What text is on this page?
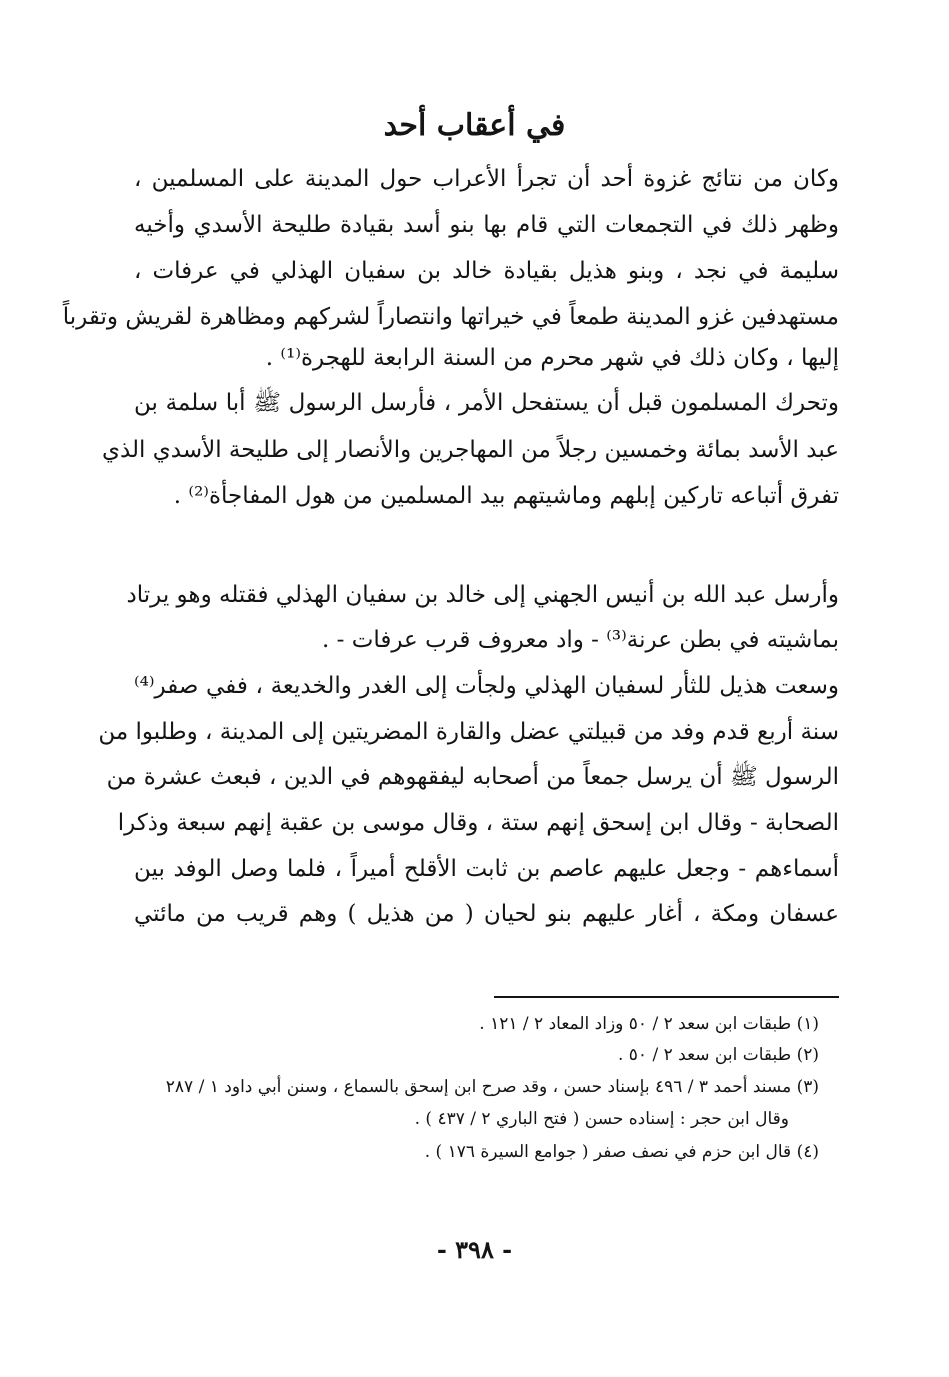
في أعقاب أحد

وكان من نتائج غزوة أحد أن تجرأ الأعراب حول المدينة على المسلمين ،

وظهر ذلك في التجمعات التي قام بها بنو أسد بقيادة طليحة الأسدي وأخيه

سليمة في نجد ، وبنو هذيل بقيادة خالد بن سفيان الهذلي في عرفات ،

مستهدفين غزو المدينة طمعاً في خيراتها وانتصاراً لشركهم ومظاهرة لقريش وتقرباً

إليها ، وكان ذلك في شهر محرم من السنة الرابعة للهجرة⁽¹⁾ .

وتحرك المسلمون قبل أن يستفحل الأمر ، فأرسل الرسول ﷺ أبا سلمة بن

عبد الأسد بمائة وخمسين رجلاً من المهاجرين والأنصار إلى طليحة الأسدي الذي

تفرق أتباعه تاركين إبلهم وماشيتهم بيد المسلمين من هول المفاجأة⁽²⁾ .

وأرسل عبد الله بن أنيس الجهني إلى خالد بن سفيان الهذلي فقتله وهو يرتاد

بماشيته في بطن عرنة⁽³⁾ - واد معروف قرب عرفات - .

وسعت هذيل للثأر لسفيان الهذلي ولجأت إلى الغدر والخديعة ، ففي صفر⁽⁴⁾

سنة أربع قدم وفد من قبيلتي عضل والقارة المضريتين إلى المدينة ، وطلبوا من

الرسول ﷺ أن يرسل جمعاً من أصحابه ليفقهوهم في الدين ، فبعث عشرة من

الصحابة - وقال ابن إسحق إنهم ستة ، وقال موسى بن عقبة إنهم سبعة وذكرا

أسماءهم - وجعل عليهم عاصم بن ثابت الأقلح أميراً ، فلما وصل الوفد بين

عسفان ومكة ، أغار عليهم بنو لحيان ( من هذيل ) وهم قريب من مائتي

(١) طبقات ابن سعد ٢ / ٥٠ وزاد المعاد ٢ / ١٢١ .

(٢) طبقات ابن سعد ٢ / ٥٠ .

(٣) مسند أحمد ٣ / ٤٩٦ بإسناد حسن ، وقد صرح ابن إسحق بالسماع ، وسنن أبي داود ١ / ٢٨٧

وقال ابن حجر : إسناده حسن ( فتح الباري ٢ / ٤٣٧ ) .

(٤) قال ابن حزم في نصف صفر ( جوامع السيرة ١٧٦ ) .

- ٣٩٨ -
